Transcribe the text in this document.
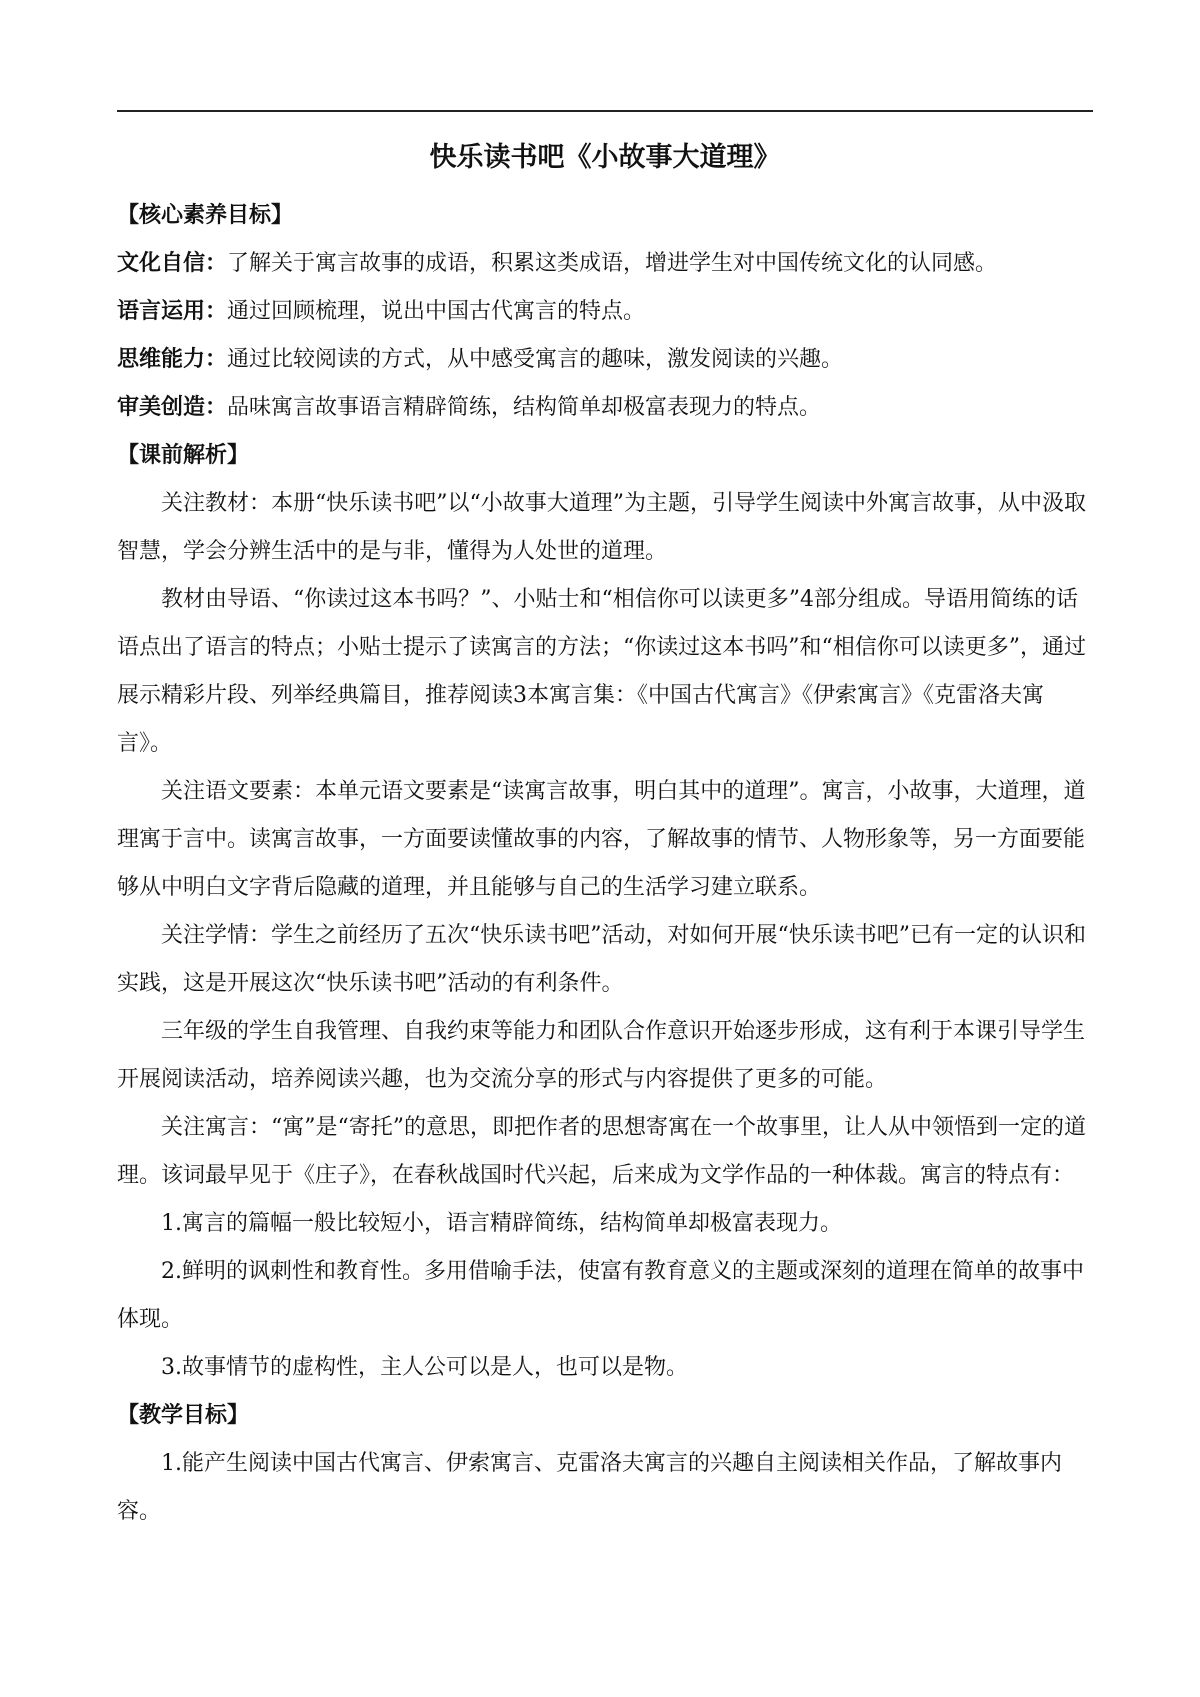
快乐读书吧《小故事大道理》

【核心素养目标】

文化自信：了解关于寓言故事的成语，积累这类成语，增进学生对中国传统文化的认同感。

语言运用：通过回顾梳理，说出中国古代寓言的特点。

思维能力：通过比较阅读的方式，从中感受寓言的趣味，激发阅读的兴趣。

审美创造：品味寓言故事语言精辟简练，结构简单却极富表现力的特点。

【课前解析】

关注教材：本册“快乐读书吧”以“小故事大道理”为主题，引导学生阅读中外寓言故事，从中汲取智慧，学会分辨生活中的是与非，懂得为人处世的道理。

教材由导语、“你读过这本书吗？”、小贴士和“相信你可以读更多”4部分组成。导语用简练的话语点出了语言的特点；小贴士提示了读寓言的方法；“你读过这本书吗”和“相信你可以读更多”，通过展示精彩片段、列举经典篇目，推荐阅读3本寓言集：《中国古代寓言》《伊索寓言》《克雷洛夫寓言》。

关注语文要素：本单元语文要素是“读寓言故事，明白其中的道理”。寓言，小故事，大道理，道理寓于言中。读寓言故事，一方面要读懂故事的内容，了解故事的情节、人物形象等，另一方面要能够从中明白文字背后隐藏的道理，并且能够与自己的生活学习建立联系。

关注学情：学生之前经历了五次“快乐读书吧”活动，对如何开展“快乐读书吧”已有一定的认识和实践，这是开展这次“快乐读书吧”活动的有利条件。

三年级的学生自我管理、自我约束等能力和团队合作意识开始逐步形成，这有利于本课引导学生开展阅读活动，培养阅读兴趣，也为交流分享的形式与内容提供了更多的可能。

关注寓言：“寓”是“寄托”的意思，即把作者的思想寄寓在一个故事里，让人从中领悟到一定的道理。该词最早见于《庄子》，在春秋战国时代兴起，后来成为文学作品的一种体裁。寓言的特点有：

1.寓言的篇幅一般比较短小，语言精辟简练，结构简单却极富表现力。

2.鲜明的讽刺性和教育性。多用借喻手法，使富有教育意义的主题或深刻的道理在简单的故事中体现。

3.故事情节的虚构性，主人公可以是人，也可以是物。

【教学目标】

1.能产生阅读中国古代寓言、伊索寓言、克雷洛夫寓言的兴趣自主阅读相关作品，了解故事内容。
